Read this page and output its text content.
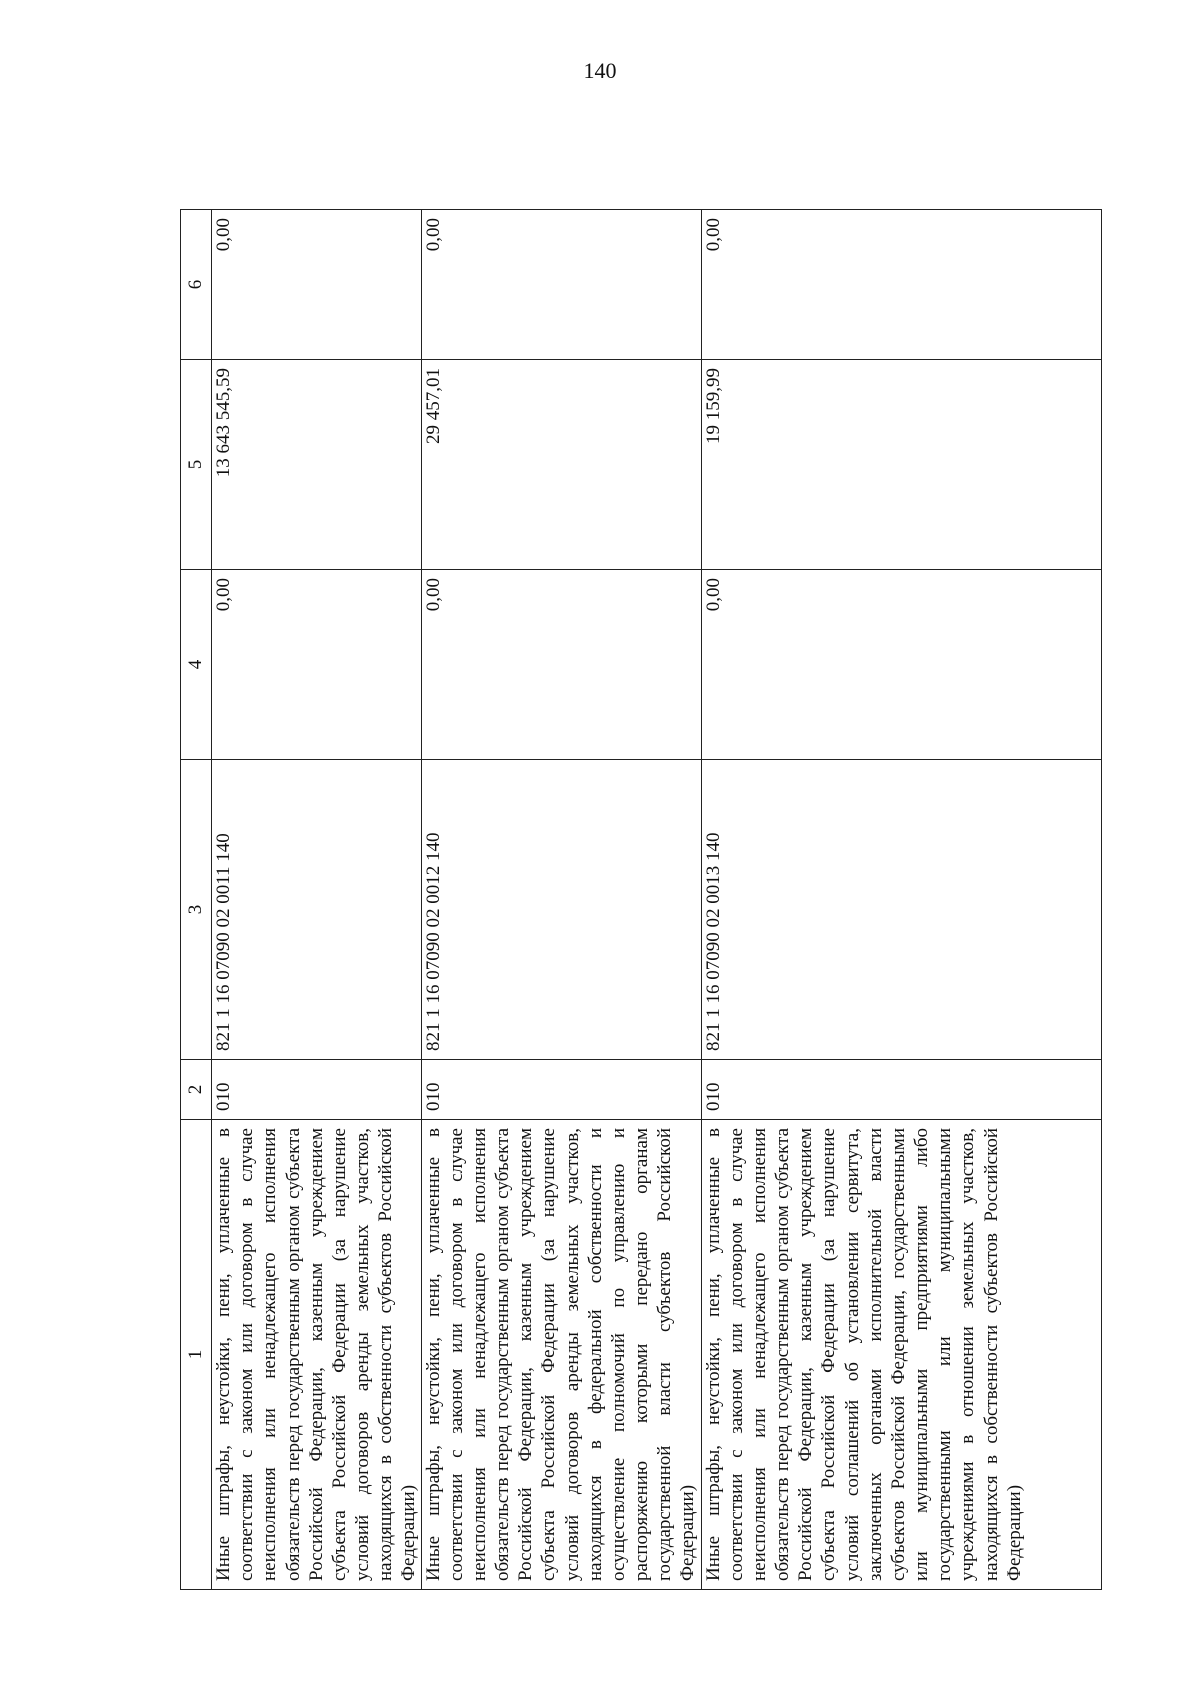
140
1	2	3	4	5	6
Иные штрафы, неустойки, пени, уплаченные в соответствии с законом или договором в случае неисполнения или ненадлежащего исполнения обязательств перед государственным органом субъекта Российской Федерации, казенным учреждением субъекта Российской Федерации (за нарушение условий договоров аренды земельных участков, находящихся в собственности субъектов Российской Федерации)	010	821 1 16 07090 02 0011 140	0,00	13 643 545,59	0,00
Иные штрафы, неустойки, пени, уплаченные в соответствии с законом или договором в случае неисполнения или ненадлежащего исполнения обязательств перед государственным органом субъекта Российской Федерации, казенным учреждением субъекта Российской Федерации (за нарушение условий договоров аренды земельных участков, находящихся в федеральной собственности и осуществление полномочий по управлению и распоряжению которыми передано органам государственной власти субъектов Российской Федерации)	010	821 1 16 07090 02 0012 140	0,00	29 457,01	0,00
Иные штрафы, неустойки, пени, уплаченные в соответствии с законом или договором в случае неисполнения или ненадлежащего исполнения обязательств перед государственным органом субъекта Российской Федерации, казенным учреждением субъекта Российской Федерации (за нарушение условий соглашений об установлении сервитута, заключенных органами исполнительной власти субъектов Российской Федерации, государственными или муниципальными предприятиями либо государственными или муниципальными учреждениями в отношении земельных участков, находящихся в собственности субъектов Российской Федерации)	010	821 1 16 07090 02 0013 140	0,00	19 159,99	0,00
